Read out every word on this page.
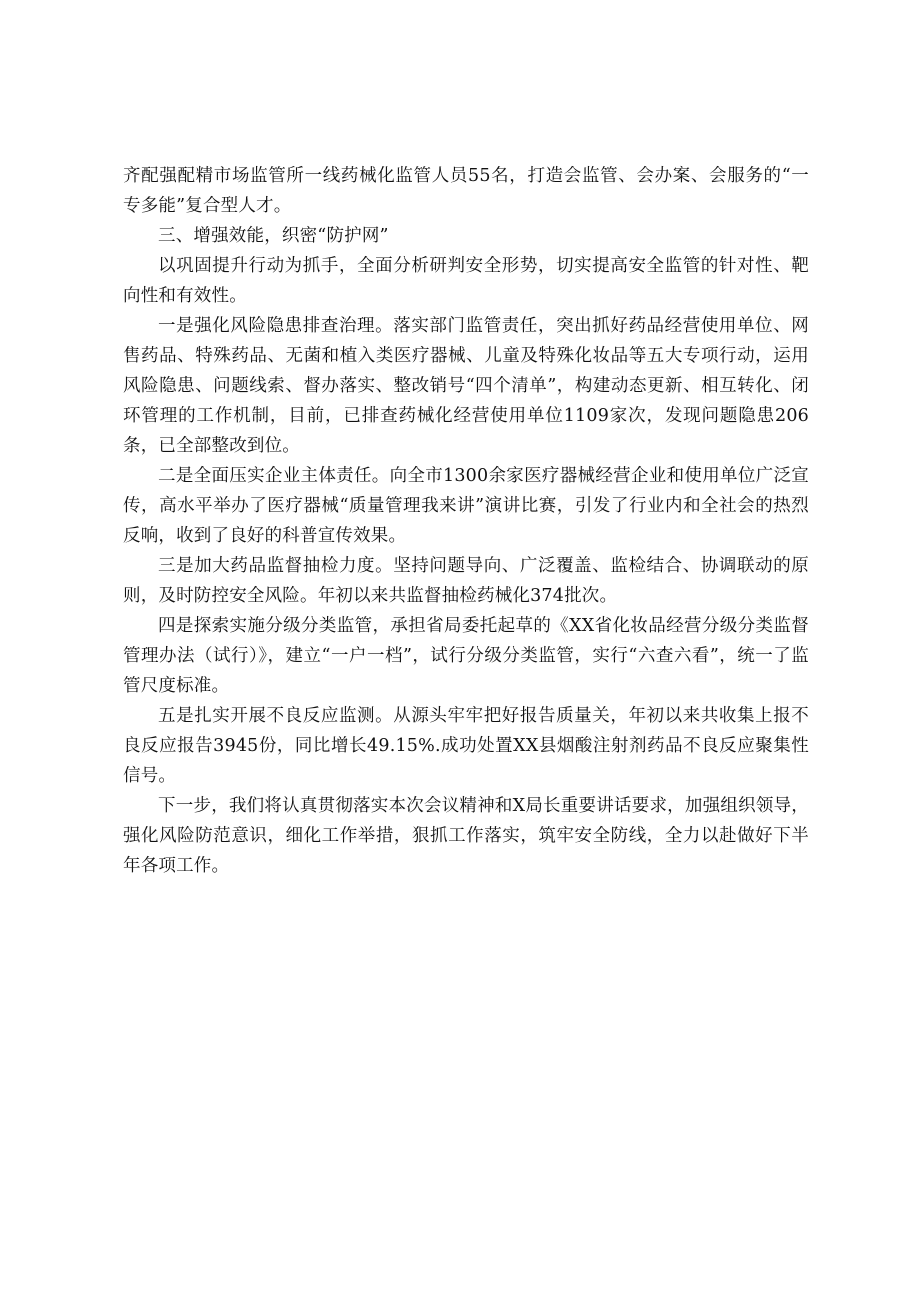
齐配强配精市场监管所一线药械化监管人员55名，打造会监管、会办案、会服务的“一专多能”复合型人才。

三、增强效能，织密“防护网”

以巩固提升行动为抓手，全面分析研判安全形势，切实提高安全监管的针对性、靶向性和有效性。

一是强化风险隐患排查治理。落实部门监管责任，突出抓好药品经营使用单位、网售药品、特殊药品、无菌和植入类医疗器械、儿童及特殊化妆品等五大专项行动，运用风险隐患、问题线索、督办落实、整改销号“四个清单”，构建动态更新、相互转化、闭环管理的工作机制，目前，已排查药械化经营使用单位1109家次，发现问题隐患206条，已全部整改到位。

二是全面压实企业主体责任。向全市1300余家医疗器械经营企业和使用单位广泛宣传，高水平举办了医疗器械“质量管理我来讲”演讲比赛，引发了行业内和全社会的热烈反响，收到了良好的科普宣传效果。

三是加大药品监督抽检力度。坚持问题导向、广泛覆盖、监检结合、协调联动的原则，及时防控安全风险。年初以来共监督抽检药械化374批次。

四是探索实施分级分类监管，承担省局委托起草的《XX省化妆品经营分级分类监督管理办法（试行）》，建立“一户一档”，试行分级分类监管，实行“六查六看”，统一了监管尺度标准。

五是扎实开展不良反应监测。从源头牢牢把好报告质量关，年初以来共收集上报不良反应报告3945份，同比增长49.15%.成功处置XX县烟酸注射剂药品不良反应聚集性信号。

下一步，我们将认真贯彻落实本次会议精神和X局长重要讲话要求，加强组织领导，强化风险防范意识，细化工作举措，狠抓工作落实，筑牢安全防线，全力以赴做好下半年各项工作。
